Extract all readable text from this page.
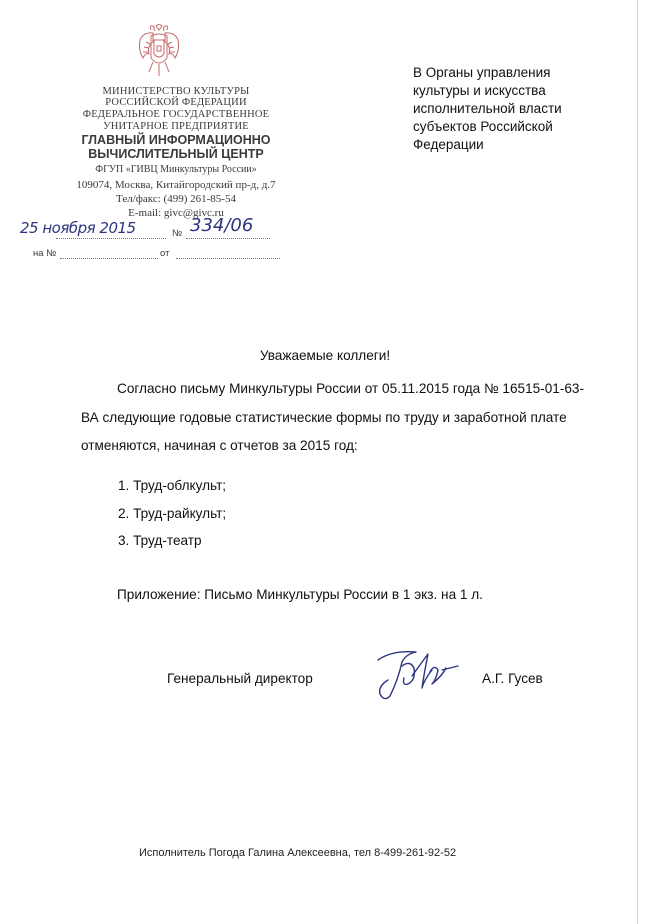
МИНИСТЕРСТВО КУЛЬТУРЫ
РОССИЙСКОЙ ФЕДЕРАЦИИ
ФЕДЕРАЛЬНОЕ ГОСУДАРСТВЕННОЕ
УНИТАРНОЕ ПРЕДПРИЯТИЕ
ГЛАВНЫЙ ИНФОРМАЦИОННО
ВЫЧИСЛИТЕЛЬНЫЙ ЦЕНТР
ФГУП «ГИВЦ Минкультуры России»
109074, Москва, Китайгородский пр-д, д.7
Тел/факс: (499) 261-85-54
E-mail: givc@givc.ru
25 ноября 2015	№ 334/06
на №	от
В Органы управления
культуры и искусства
исполнительной власти
субъектов Российской
Федерации
Уважаемые коллеги!
Согласно письму Минкультуры России от 05.11.2015 года № 16515-01-63-
ВА следующие годовые статистические формы по труду и заработной плате
отменяются, начиная с отчетов за 2015 год:
1. Труд-облкульт;
2. Труд-райкульт;
3. Труд-театр
Приложение: Письмо Минкультуры России в 1 экз. на 1 л.
Генеральный директор	А.Г. Гусев
Исполнитель Погода Галина Алексеевна, тел 8-499-261-92-52
